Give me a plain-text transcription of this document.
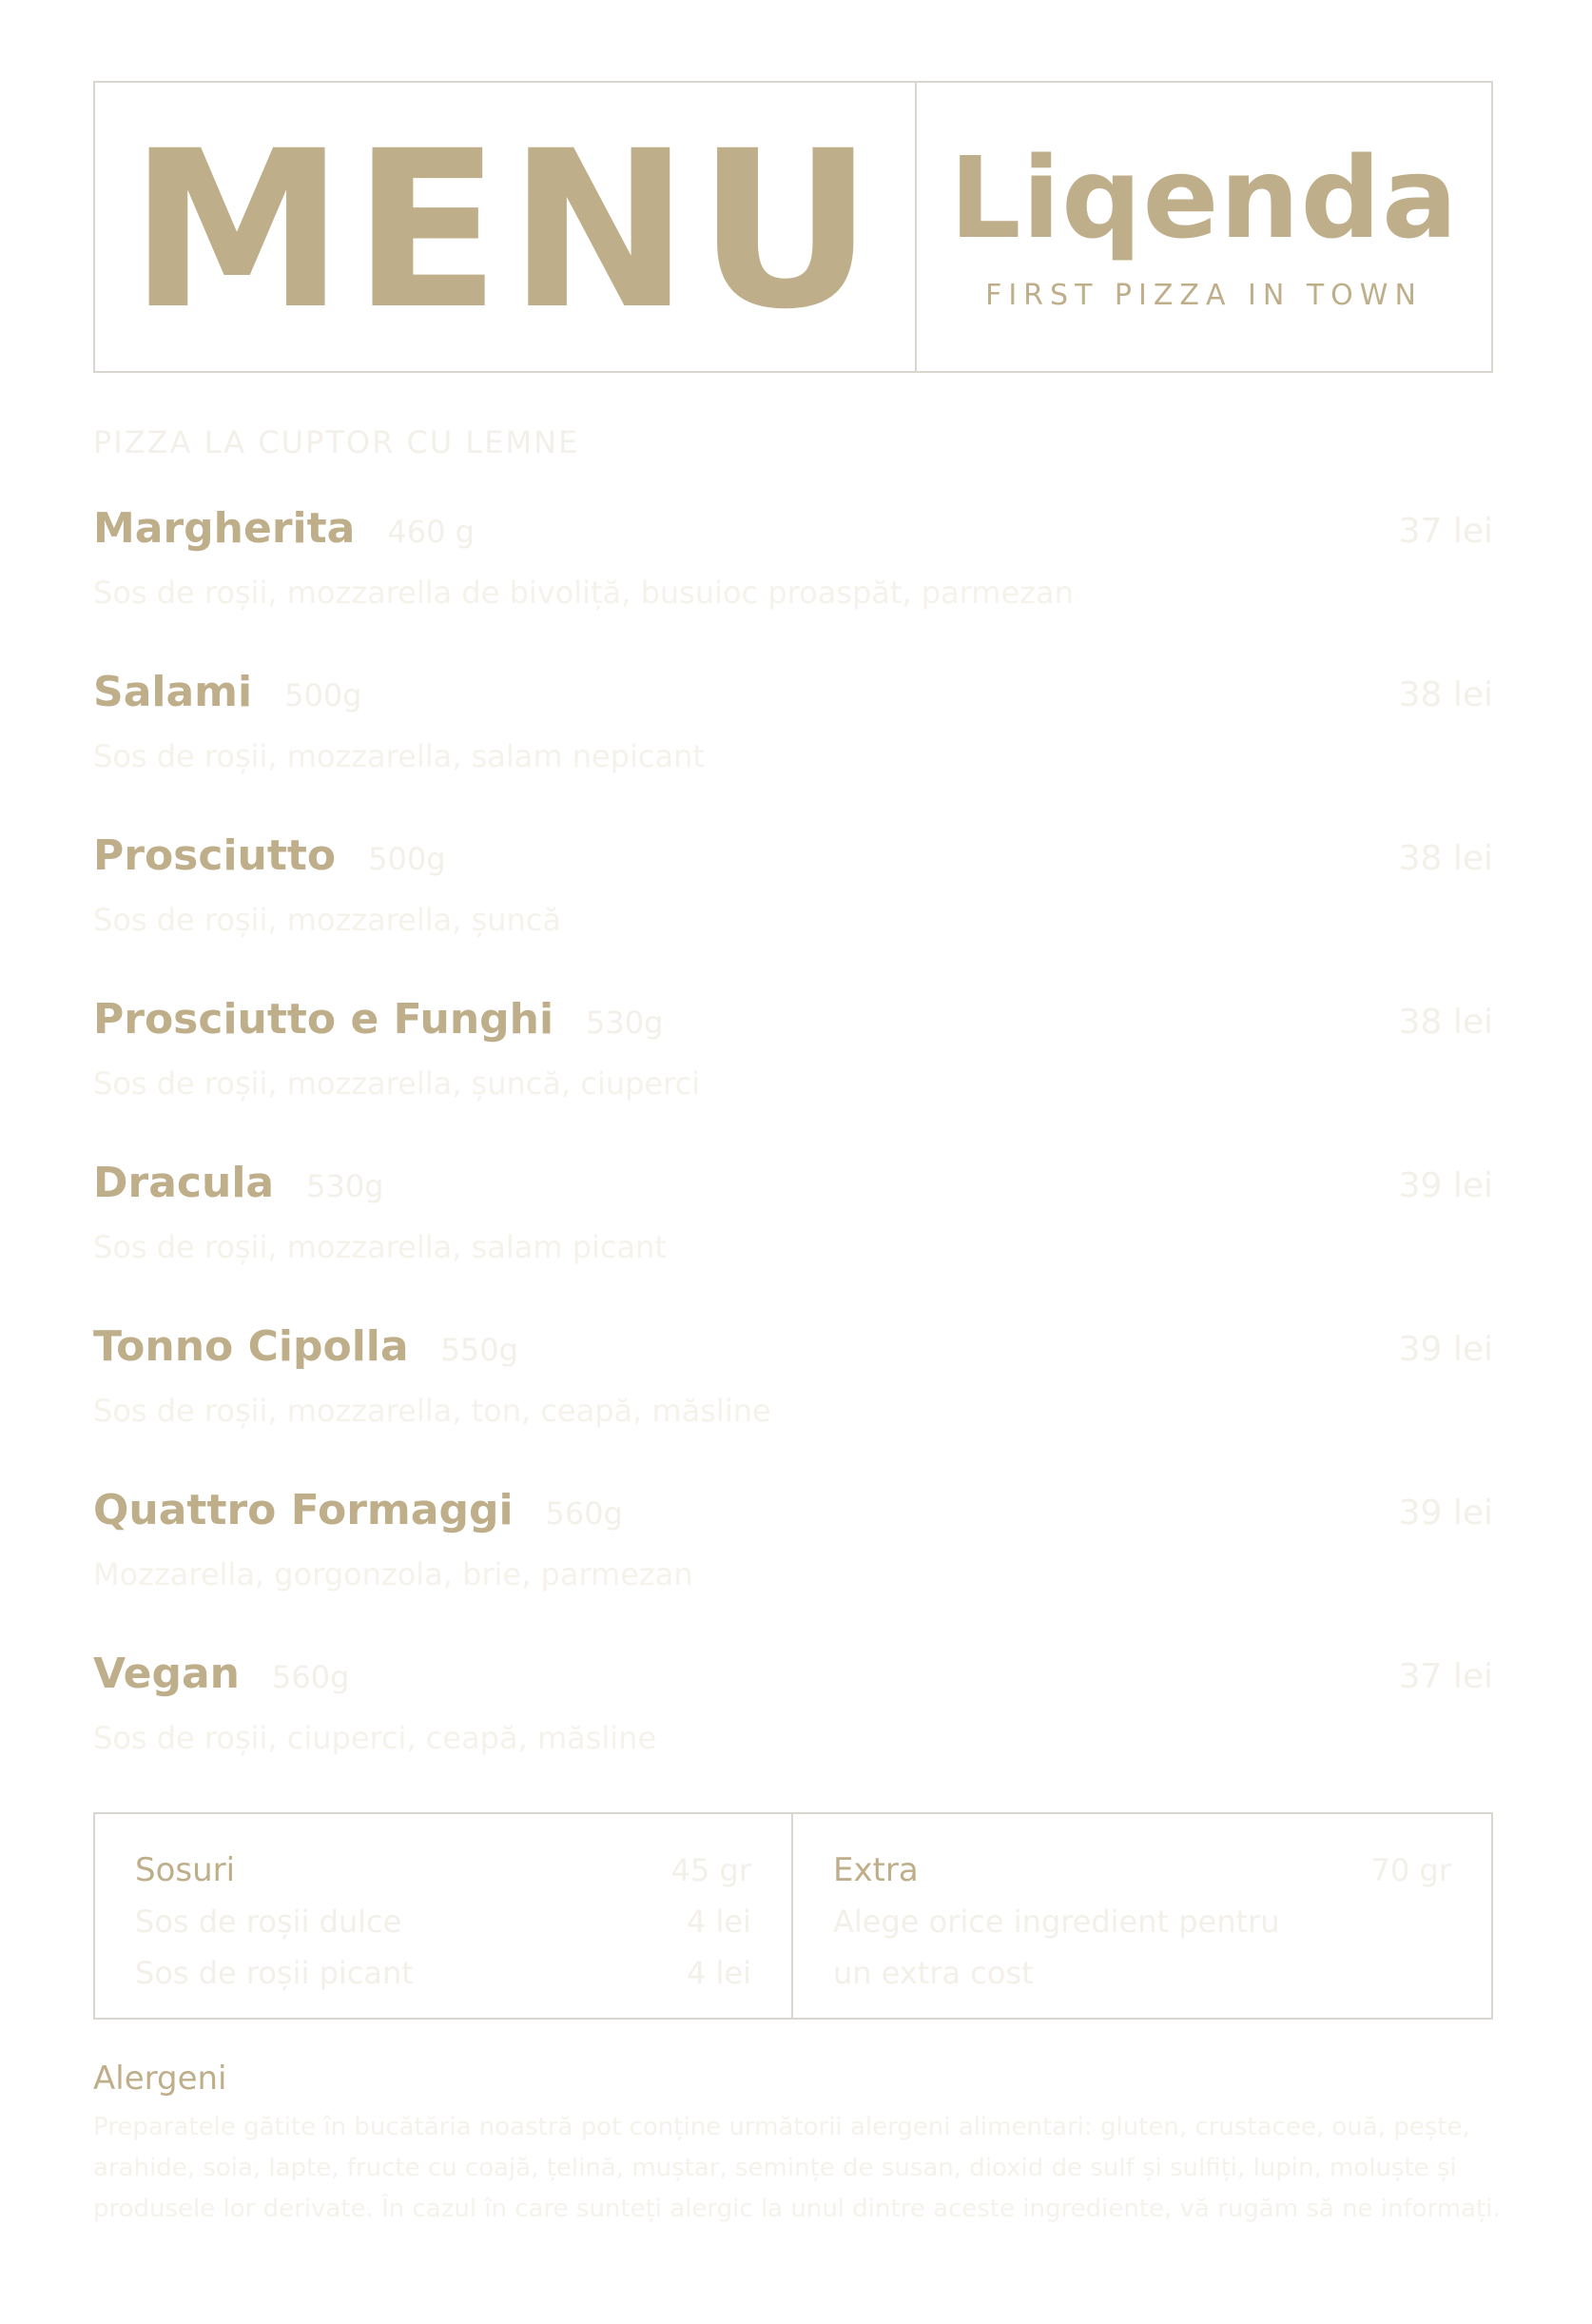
MENU Liqenda
FIRST PIZZA IN TOWN
PIZZA LA CUPTOR CU LEMNE
Margherita 460 g	37 lei
Sos de roșii, mozzarella de bivoliță, busuioc proaspăt, parmezan
Salami 500g	38 lei
Sos de roșii, mozzarella, salam nepicant
Prosciutto 500g	38 lei
Sos de roșii, mozzarella, șuncă
Prosciutto e Funghi 530g	38 lei
Sos de roșii, mozzarella, șuncă, ciuperci
Dracula 530g	39 lei
Sos de roșii, mozzarella, salam picant
Tonno Cipolla 550g	39 lei
Sos de roșii, mozzarella, ton, ceapă, măsline
Quattro Formaggi 560g	39 lei
Mozzarella, gorgonzola, brie, parmezan
Vegan 560g	37 lei
Sos de roșii, ciuperci, ceapă, măsline
Sosuri	45 gr
Sos de roșii dulce	4 lei
Sos de roșii picant	4 lei
Extra	70 gr
Alege orice ingredient pentru un extra cost
Alergeni
Preparatele gătite în bucătăria noastră pot conține următorii alergeni alimentari: gluten, crustacee, ouă, pește, arahide, soia, lapte, fructe cu coajă, țelină, muștar, semințe de susan, dioxid de sulf și sulfiți, lupin, moluște și produsele lor derivate. În cazul în care sunteți alergic la unul dintre aceste ingrediente, vă rugăm să ne informați.
